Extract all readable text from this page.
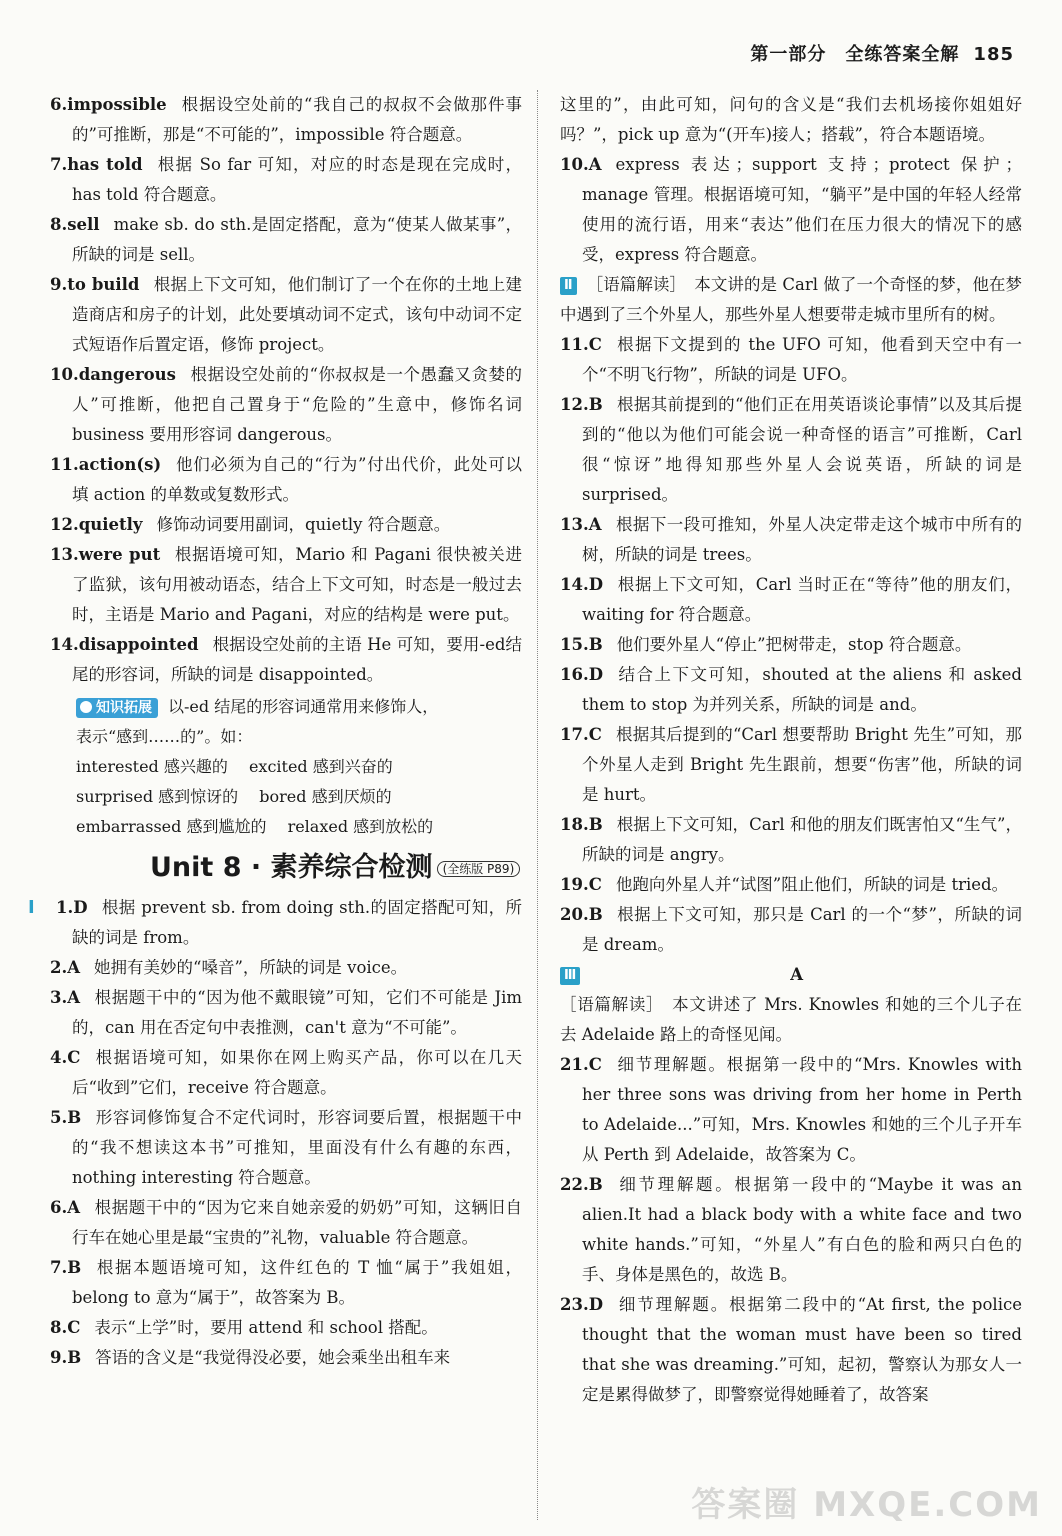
第一部分　全练答案全解 185

6.impossible 根据设空处前的“我自己的叔叔不会做那件事的”可推断，那是“不可能的”，impossible 符合题意。

7.has told 根据 So far 可知，对应的时态是现在完成时，has told 符合题意。

8.sell make sb. do sth.是固定搭配，意为“使某人做某事”，所缺的词是 sell。

9.to build 根据上下文可知，他们制订了一个在你的土地上建造商店和房子的计划，此处要填动词不定式，该句中动词不定式短语作后置定语，修饰 project。

10.dangerous 根据设空处前的“你叔叔是一个愚蠢又贪婪的人”可推断，他把自己置身于“危险的”生意中，修饰名词 business 要用形容词 dangerous。

11.action(s) 他们必须为自己的“行为”付出代价，此处可以填 action 的单数或复数形式。

12.quietly 修饰动词要用副词，quietly 符合题意。

13.were put 根据语境可知，Mario 和 Pagani 很快被关进了监狱，该句用被动语态，结合上下文可知，时态是一般过去时，主语是 Mario and Pagani，对应的结构是 were put。

14.disappointed 根据设空处前的主语 He 可知，要用-ed结尾的形容词，所缺的词是 disappointed。

知识拓展 以-ed 结尾的形容词通常用来修饰人，

表示“感到……的”。如：

interested 感兴趣的　 excited 感到兴奋的

surprised 感到惊讶的　 bored 感到厌烦的

embarrassed 感到尴尬的　 relaxed 感到放松的

Unit 8 · 素养综合检测 (全练版 P89)

Ⅰ 1.D 根据 prevent sb. from doing sth.的固定搭配可知，所缺的词是 from。

2.A 她拥有美妙的“嗓音”，所缺的词是 voice。

3.A 根据题干中的“因为他不戴眼镜”可知，它们不可能是 Jim 的，can 用在否定句中表推测，can't 意为“不可能”。

4.C 根据语境可知，如果你在网上购买产品，你可以在几天后“收到”它们，receive 符合题意。

5.B 形容词修饰复合不定代词时，形容词要后置，根据题干中的“我不想读这本书”可推知，里面没有什么有趣的东西，nothing interesting 符合题意。

6.A 根据题干中的“因为它来自她亲爱的奶奶”可知，这辆旧自行车在她心里是最“宝贵的”礼物，valuable 符合题意。

7.B 根据本题语境可知，这件红色的 T 恤“属于”我姐姐，belong to 意为“属于”，故答案为 B。

8.C 表示“上学”时，要用 attend 和 school 搭配。

9.B 答语的含义是“我觉得没必要，她会乘坐出租车来

这里的”，由此可知，问句的含义是“我们去机场接你姐姐好吗？”，pick up 意为“(开车)接人；搭载”，符合本题语境。

10.A express 表达；support 支持；protect 保护；manage 管理。根据语境可知，“躺平”是中国的年轻人经常使用的流行语，用来“表达”他们在压力很大的情况下的感受，express 符合题意。

Ⅱ ［语篇解读］　本文讲的是 Carl 做了一个奇怪的梦，他在梦中遇到了三个外星人，那些外星人想要带走城市里所有的树。

11.C 根据下文提到的 the UFO 可知，他看到天空中有一个“不明飞行物”，所缺的词是 UFO。

12.B 根据其前提到的“他们正在用英语谈论事情”以及其后提到的“他以为他们可能会说一种奇怪的语言”可推断，Carl 很“惊讶”地得知那些外星人会说英语，所缺的词是 surprised。

13.A 根据下一段可推知，外星人决定带走这个城市中所有的树，所缺的词是 trees。

14.D 根据上下文可知，Carl 当时正在“等待”他的朋友们，waiting for 符合题意。

15.B 他们要外星人“停止”把树带走，stop 符合题意。

16.D 结合上下文可知，shouted at the aliens 和 asked them to stop 为并列关系，所缺的词是 and。

17.C 根据其后提到的“Carl 想要帮助 Bright 先生”可知，那个外星人走到 Bright 先生跟前，想要“伤害”他，所缺的词是 hurt。

18.B 根据上下文可知，Carl 和他的朋友们既害怕又“生气”，所缺的词是 angry。

19.C 他跑向外星人并“试图”阻止他们，所缺的词是 tried。

20.B 根据上下文可知，那只是 Carl 的一个“梦”，所缺的词是 dream。

Ⅲ	A

［语篇解读］　本文讲述了 Mrs. Knowles 和她的三个儿子在去 Adelaide 路上的奇怪见闻。

21.C 细节理解题。根据第一段中的“Mrs. Knowles with her three sons was driving from her home in Perth to Adelaide...”可知，Mrs. Knowles 和她的三个儿子开车从 Perth 到 Adelaide，故答案为 C。

22.B 细节理解题。根据第一段中的“Maybe it was an alien.It had a black body with a white face and two white hands.”可知，“外星人”有白色的脸和两只白色的手、身体是黑色的，故选 B。

23.D 细节理解题。根据第二段中的“At first, the police thought that the woman must have been so tired that she was dreaming.”可知，起初，警察认为那女人一定是累得做梦了，即警察觉得她睡着了，故答案

答案圈 MXQE.COM
